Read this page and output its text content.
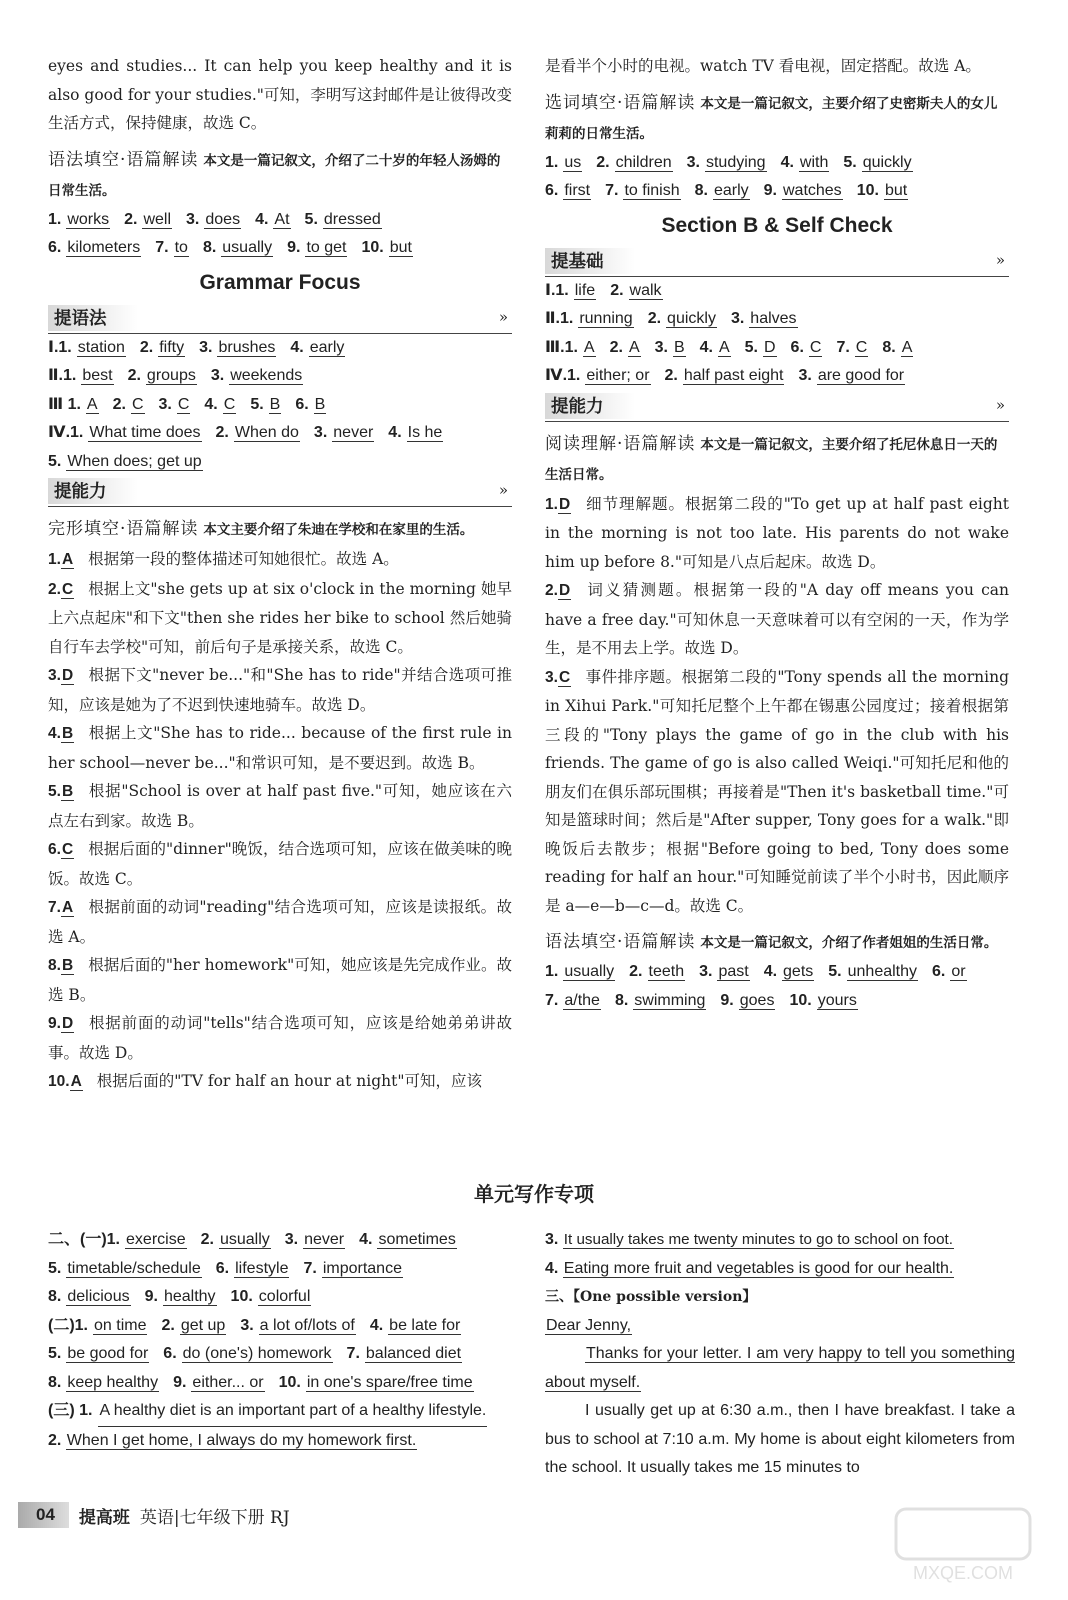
eyes and studies... It can help you keep healthy and it is also good for your studies."可知，李明写这封邮件是让彼得改变生活方式，保持健康，故选 C。
语法填空·语篇解读 本文是一篇记叙文，介绍了二十岁的年轻人汤姆的日常生活。
1. works 2. well 3. does 4. At 5. dressed
6. kilometers 7. to 8. usually 9. to get 10. but
Grammar Focus
提语法	»
Ⅰ.1. station 2. fifty 3. brushes 4. early
Ⅱ.1. best 2. groups 3. weekends
Ⅲ 1. A 2. C 3. C 4. C 5. B 6. B
Ⅳ.1. What time does 2. When do 3. never 4. Is he
5. When does; get up
提能力	»
完形填空·语篇解读 本文主要介绍了朱迪在学校和在家里的生活。
1.A 根据第一段的整体描述可知她很忙。故选 A。
2.C 根据上文"she gets up at six o'clock in the morning 她早上六点起床"和下文"then she rides her bike to school 然后她骑自行车去学校"可知，前后句子是承接关系，故选 C。
3.D 根据下文"never be..."和"She has to ride"并结合选项可推知，应该是她为了不迟到快速地骑车。故选 D。
4.B 根据上文"She has to ride... because of the first rule in her school—never be..."和常识可知，是不要迟到。故选 B。
5.B 根据"School is over at half past five."可知，她应该在六点左右到家。故选 B。
6.C 根据后面的"dinner"晚饭，结合选项可知，应该在做美味的晚饭。故选 C。
7.A 根据前面的动词"reading"结合选项可知，应该是读报纸。故选 A。
8.B 根据后面的"her homework"可知，她应该是先完成作业。故选 B。
9.D 根据前面的动词"tells"结合选项可知，应该是给她弟弟讲故事。故选 D。
10.A 根据后面的"TV for half an hour at night"可知，应该
是看半个小时的电视。watch TV 看电视，固定搭配。故选 A。
选词填空·语篇解读 本文是一篇记叙文，主要介绍了史密斯夫人的女儿莉莉的日常生活。
1. us 2. children 3. studying 4. with 5. quickly
6. first 7. to finish 8. early 9. watches 10. but
Section B & Self Check
提基础	»
Ⅰ.1. life 2. walk
Ⅱ.1. running 2. quickly 3. halves
Ⅲ.1. A 2. A 3. B 4. A 5. D 6. C 7. C 8. A
Ⅳ.1. either; or 2. half past eight 3. are good for
提能力	»
阅读理解·语篇解读 本文是一篇记叙文，主要介绍了托尼休息日一天的生活日常。
1.D 细节理解题。根据第二段的"To get up at half past eight in the morning is not too late. His parents do not wake him up before 8."可知是八点后起床。故选 D。
2.D 词义猜测题。根据第一段的"A day off means you can have a free day."可知休息一天意味着可以有空闲的一天，作为学生，是不用去上学。故选 D。
3.C 事件排序题。根据第二段的"Tony spends all the morning in Xihui Park."可知托尼整个上午都在锡惠公园度过；接着根据第三段的"Tony plays the game of go in the club with his friends. The game of go is also called Weiqi."可知托尼和他的朋友们在俱乐部玩围棋；再接着是"Then it's basketball time."可知是篮球时间；然后是"After supper, Tony goes for a walk."即晚饭后去散步；根据"Before going to bed, Tony does some reading for half an hour."可知睡觉前读了半个小时书，因此顺序是 a—e—b—c—d。故选 C。
语法填空·语篇解读 本文是一篇记叙文，介绍了作者姐姐的生活日常。
1. usually 2. teeth 3. past 4. gets 5. unhealthy 6. or
7. a/the 8. swimming 9. goes 10. yours
单元写作专项
二、(一)1. exercise 2. usually 3. never 4. sometimes
5. timetable/schedule 6. lifestyle 7. importance
8. delicious 9. healthy 10. colorful
(二)1. on time 2. get up 3. a lot of/lots of 4. be late for
5. be good for 6. do (one's) homework 7. balanced diet
8. keep healthy 9. either... or 10. in one's spare/free time
(三) 1. A healthy diet is an important part of a healthy lifestyle.
2. When I get home, I always do my homework first.
3. It usually takes me twenty minutes to go to school on foot.
4. Eating more fruit and vegetables is good for our health.
三、【One possible version】
Dear Jenny,
Thanks for your letter. I am very happy to tell you something about myself.
I usually get up at 6:30 a.m., then I have breakfast. I take a bus to school at 7:10 a.m. My home is about eight kilometers from the school. It usually takes me 15 minutes to
04	提高班 英语|七年级下册 RJ
MXQE.COM
